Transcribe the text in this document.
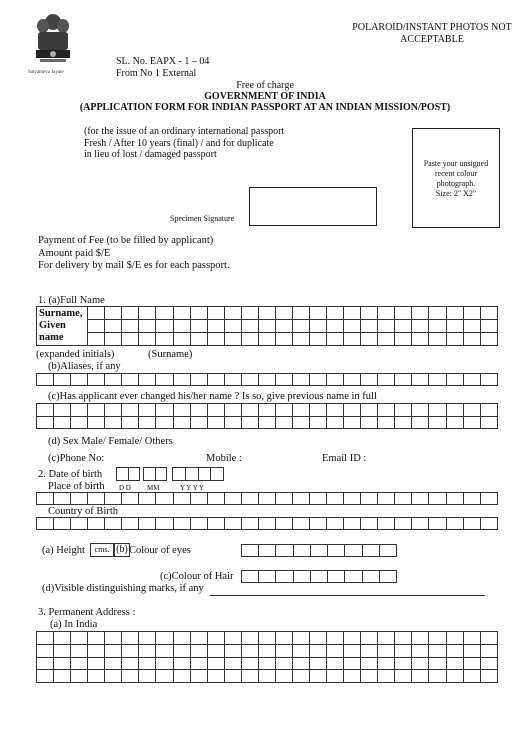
Satyameva Jayate
POLAROID/INSTANT PHOTOS NOT
ACCEPTABLE
SL. No. EAPX - 1 – 04
From No 1 External
Free of charge
GOVERNMENT OF INDIA
(APPLICATION FORM FOR INDIAN PASSPORT AT AN INDIAN MISSION/POST)
(for the issue of an ordinary international passport
Fresh / After 10 years (final) / and for duplicate
in lieu of lost / damaged passport
Paste your unsigned
recent colour
photograph.
Size: 2" X2"
Specimen Signature
Payment of Fee (to be filled by applicant)
Amount paid $/E
For delivery by mail $/E es for each passport.
1. (a)Full Name
Surname,
Given
name

(expanded initials)	(Surname)
(b)Aliases, if any

(c)Has applicant ever changed his/her name ? Is so, give previous name in full

(d) Sex Male/ Female/ Others
(c)Phone No:	Mobile :	Email ID :
2. Date of birth

Place of birth D D MM	Y Y Y Y

Country of Birth

(a) Height	cms. (b) Colour of eyes

(c)Colour of Hair

(d)Visible distinguishing marks, if any
3. Permanent Address :
(a) In India
